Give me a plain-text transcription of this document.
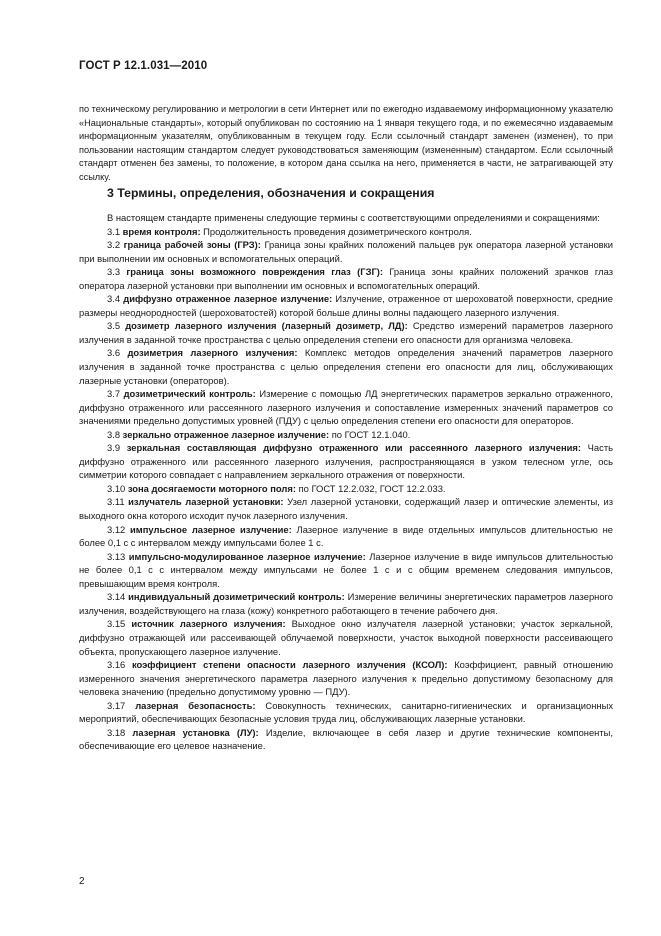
ГОСТ Р 12.1.031—2010
по техническому регулированию и метрологии в сети Интернет или по ежегодно издаваемому информационному указателю «Национальные стандарты», который опубликован по состоянию на 1 января текущего года, и по ежемесячно издаваемым информационным указателям, опубликованным в текущем году. Если ссылочный стандарт заменен (изменен), то при пользовании настоящим стандартом следует руководствоваться заменяющим (измененным) стандартом. Если ссылочный стандарт отменен без замены, то положение, в котором дана ссылка на него, применяется в части, не затрагивающей эту ссылку.
3 Термины, определения, обозначения и сокращения

В настоящем стандарте применены следующие термины с соответствующими определениями и сокращениями:

3.1 время контроля: Продолжительность проведения дозиметрического контроля.

3.2 граница рабочей зоны (ГРЗ): Граница зоны крайних положений пальцев рук оператора лазерной установки при выполнении им основных и вспомогательных операций.

3.3 граница зоны возможного повреждения глаз (ГЗГ): Граница зоны крайних положений зрачков глаз оператора лазерной установки при выполнении им основных и вспомогательных операций.

3.4 диффузно отраженное лазерное излучение: Излучение, отраженное от шероховатой поверхности, средние размеры неоднородностей (шероховатостей) которой больше длины волны падающего лазерного излучения.

3.5 дозиметр лазерного излучения (лазерный дозиметр, ЛД): Средство измерений параметров лазерного излучения в заданной точке пространства с целью определения степени его опасности для организма человека.

3.6 дозиметрия лазерного излучения: Комплекс методов определения значений параметров лазерного излучения в заданной точке пространства с целью определения степени его опасности для лиц, обслуживающих лазерные установки (операторов).

3.7 дозиметрический контроль: Измерение с помощью ЛД энергетических параметров зеркально отраженного, диффузно отраженного или рассеянного лазерного излучения и сопоставление измеренных значений параметров со значениями предельно допустимых уровней (ПДУ) с целью определения степени его опасности для операторов.

3.8 зеркально отраженное лазерное излучение: по ГОСТ 12.1.040.

3.9 зеркальная составляющая диффузно отраженного или рассеянного лазерного излучения: Часть диффузно отраженного или рассеянного лазерного излучения, распространяющаяся в узком телесном угле, ось симметрии которого совпадает с направлением зеркального отражения от поверхности.

3.10 зона досягаемости моторного поля: по ГОСТ 12.2.032, ГОСТ 12.2.033.

3.11 излучатель лазерной установки: Узел лазерной установки, содержащий лазер и оптические элементы, из выходного окна которого исходит пучок лазерного излучения.

3.12 импульсное лазерное излучение: Лазерное излучение в виде отдельных импульсов длительностью не более 0,1 с с интервалом между импульсами более 1 с.

3.13 импульсно-модулированное лазерное излучение: Лазерное излучение в виде импульсов длительностью не более 0,1 с с интервалом между импульсами не более 1 с и с общим временем следования импульсов, превышающим время контроля.

3.14 индивидуальный дозиметрический контроль: Измерение величины энергетических параметров лазерного излучения, воздействующего на глаза (кожу) конкретного работающего в течение рабочего дня.

3.15 источник лазерного излучения: Выходное окно излучателя лазерной установки; участок зеркальной, диффузно отражающей или рассеивающей облучаемой поверхности, участок выходной поверхности рассеивающего объекта, пропускающего лазерное излучение.

3.16 коэффициент степени опасности лазерного излучения (КСОЛ): Коэффициент, равный отношению измеренного значения энергетического параметра лазерного излучения к предельно допустимому безопасному для человека значению (предельно допустимому уровню — ПДУ).

3.17 лазерная безопасность: Совокупность технических, санитарно-гигиенических и организационных мероприятий, обеспечивающих безопасные условия труда лиц, обслуживающих лазерные установки.

3.18 лазерная установка (ЛУ): Изделие, включающее в себя лазер и другие технические компоненты, обеспечивающие его целевое назначение.

2
